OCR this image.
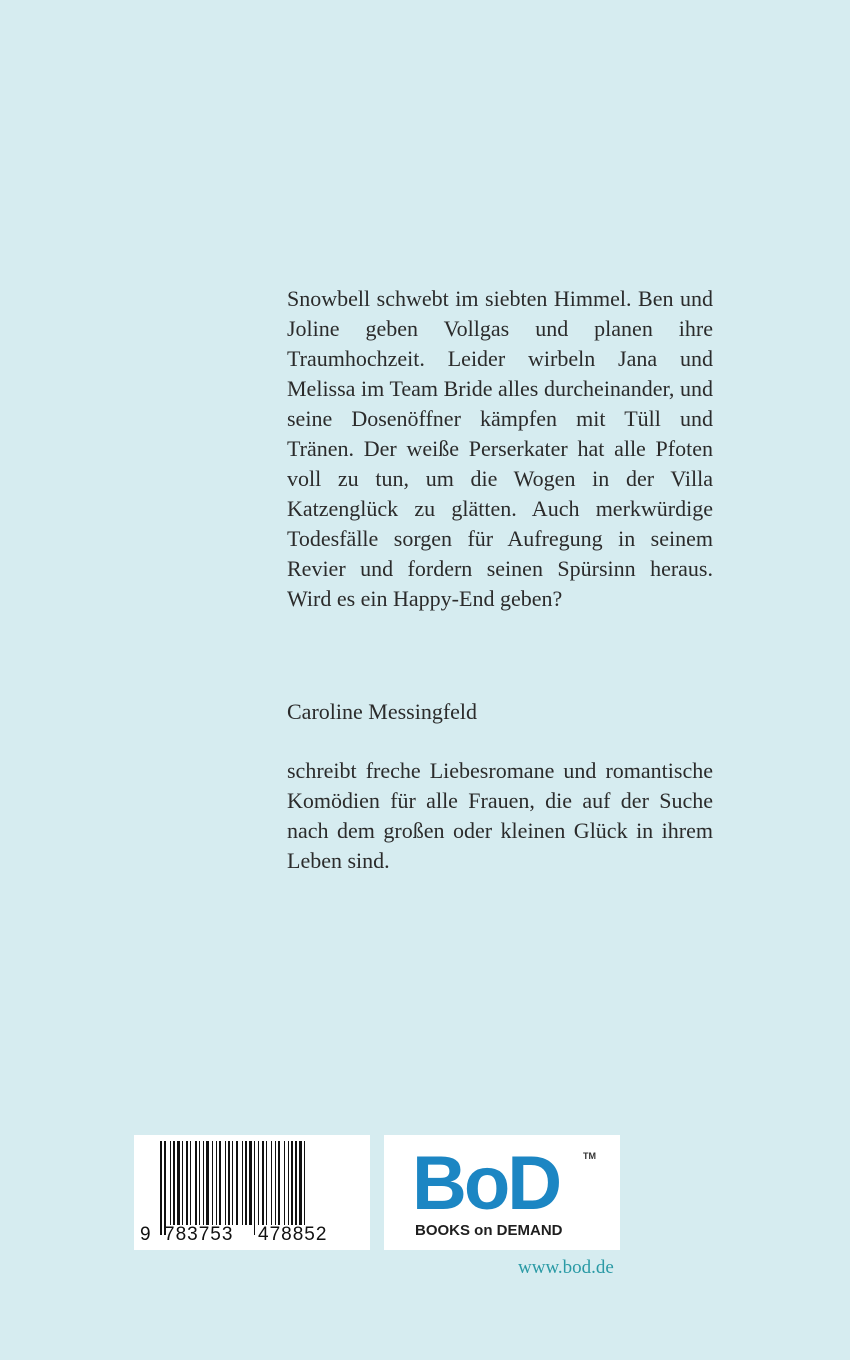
Snowbell schwebt im siebten Himmel. Ben und Joline geben Vollgas und planen ihre Traumhochzeit. Leider wirbeln Jana und Melissa im Team Bride alles durcheinander, und seine Dosenöffner kämpfen mit Tüll und Tränen. Der weiße Perserkater hat alle Pfoten voll zu tun, um die Wogen in der Villa Katzenglück zu glätten. Auch merkwürdige Todesfälle sorgen für Aufregung in seinem Revier und fordern seinen Spürsinn heraus. Wird es ein Happy-End geben?

Caroline Messingfeld

schreibt freche Liebesromane und romantische Komödien für alle Frauen, die auf der Suche nach dem großen oder kleinen Glück in ihrem Leben sind.

9 783753 478852
BoD	TM
BOOKS on DEMAND
www.bod.de
